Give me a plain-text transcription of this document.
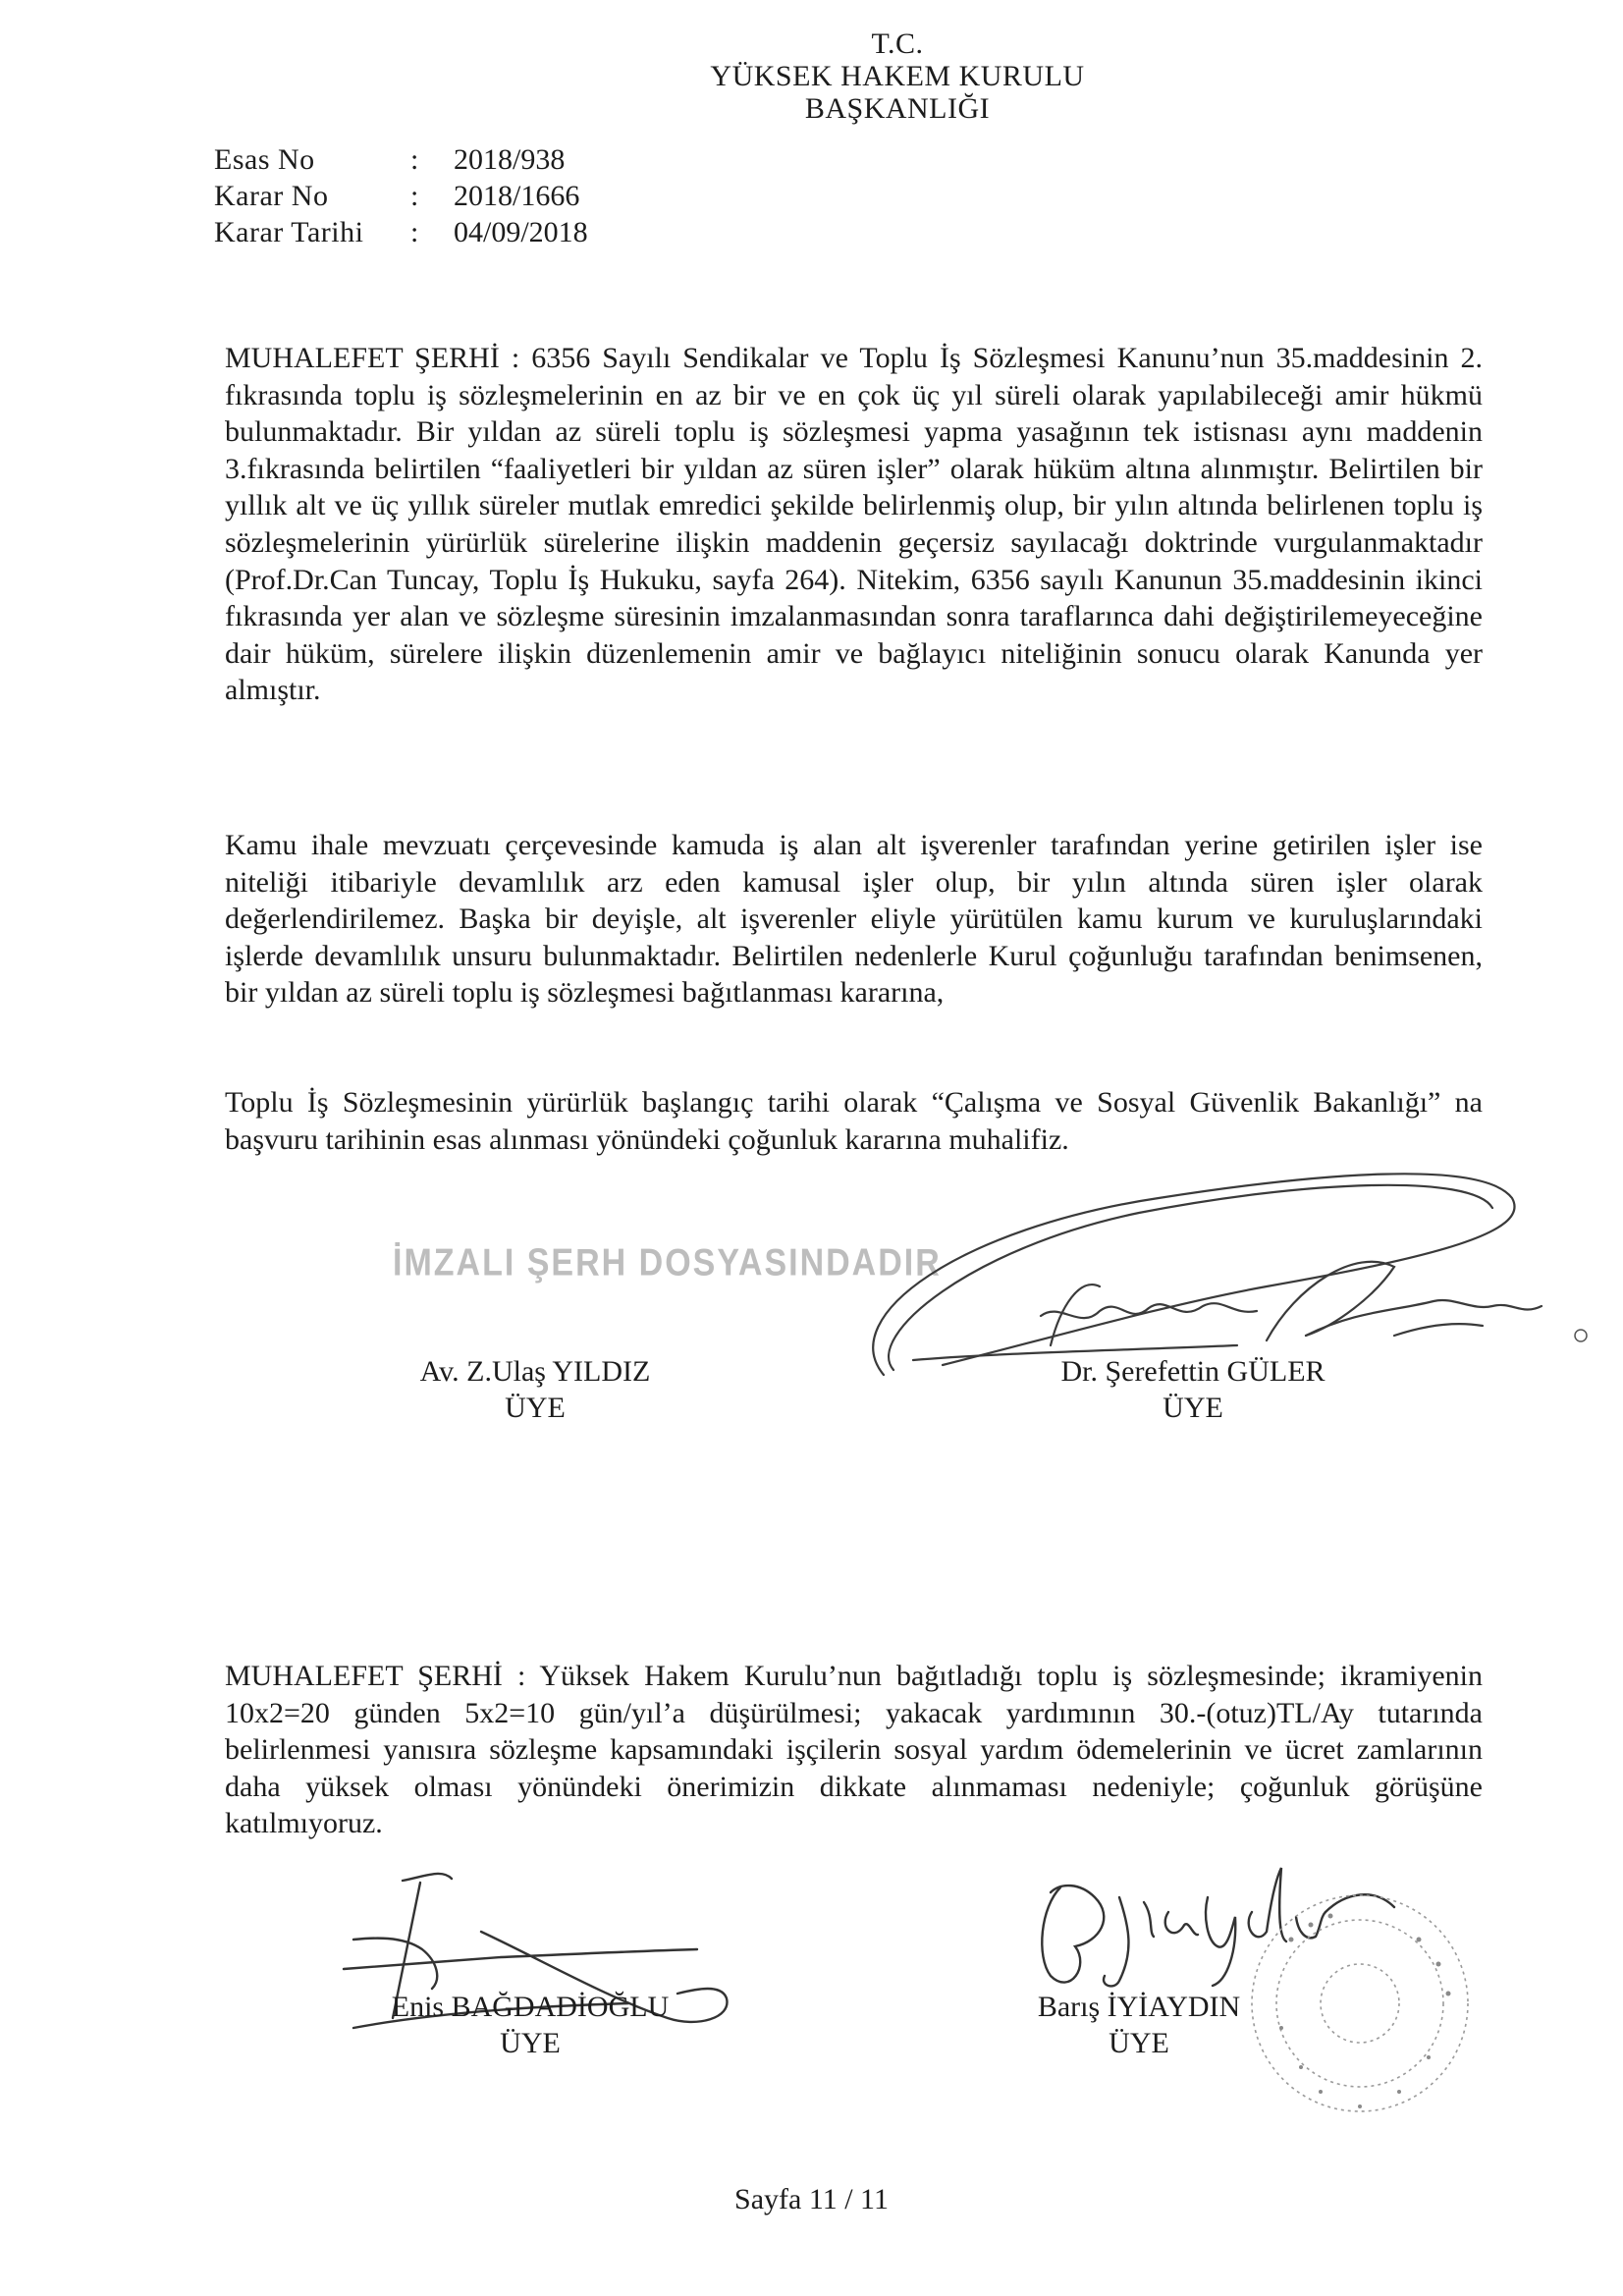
T.C.
YÜKSEK HAKEM KURULU
BAŞKANLIĞI
Esas No	:	2018/938
Karar No	:	2018/1666
Karar Tarihi	:	04/09/2018

MUHALEFET ŞERHİ : 6356 Sayılı Sendikalar ve Toplu İş Sözleşmesi Kanunu’nun 35.maddesinin 2. fıkrasında toplu iş sözleşmelerinin en az bir ve en çok üç yıl süreli olarak yapılabileceği amir hükmü bulunmaktadır. Bir yıldan az süreli toplu iş sözleşmesi yapma yasağının tek istisnası aynı maddenin 3.fıkrasında belirtilen “faaliyetleri bir yıldan az süren işler” olarak hüküm altına alınmıştır. Belirtilen bir yıllık alt ve üç yıllık süreler mutlak emredici şekilde belirlenmiş olup, bir yılın altında belirlenen toplu iş sözleşmelerinin yürürlük sürelerine ilişkin maddenin geçersiz sayılacağı doktrinde vurgulanmaktadır (Prof.Dr.Can Tuncay, Toplu İş Hukuku, sayfa 264). Nitekim, 6356 sayılı Kanunun 35.maddesinin ikinci fıkrasında yer alan ve sözleşme süresinin imzalanmasından sonra taraflarınca dahi değiştirilemeyeceğine dair hüküm, sürelere ilişkin düzenlemenin amir ve bağlayıcı niteliğinin sonucu olarak Kanunda yer almıştır.

Kamu ihale mevzuatı çerçevesinde kamuda iş alan alt işverenler tarafından yerine getirilen işler ise niteliği itibariyle devamlılık arz eden kamusal işler olup, bir yılın altında süren işler olarak değerlendirilemez. Başka bir deyişle, alt işverenler eliyle yürütülen kamu kurum ve kuruluşlarındaki işlerde devamlılık unsuru bulunmaktadır. Belirtilen nedenlerle Kurul çoğunluğu tarafından benimsenen, bir yıldan az süreli toplu iş sözleşmesi bağıtlanması kararına,

Toplu İş Sözleşmesinin yürürlük başlangıç tarihi olarak “Çalışma ve Sosyal Güvenlik Bakanlığı” na başvuru tarihinin esas alınması yönündeki çoğunluk kararına muhalifiz.

İMZALI ŞERH DOSYASINDADIR
Av. Z.Ulaş YILDIZ
ÜYE
Dr. Şerefettin GÜLER
ÜYE

MUHALEFET ŞERHİ : Yüksek Hakem Kurulu’nun bağıtladığı toplu iş sözleşmesinde; ikramiyenin 10x2=20 günden 5x2=10 gün/yıl’a düşürülmesi; yakacak yardımının 30.-(otuz)TL/Ay tutarında belirlenmesi yanısıra sözleşme kapsamındaki işçilerin sosyal yardım ödemelerinin ve ücret zamlarının daha yüksek olması yönündeki önerimizin dikkate alınmaması nedeniyle; çoğunluk görüşüne katılmıyoruz.

Enis BAĞDADİOĞLU
ÜYE
Barış İYİAYDIN
ÜYE
Sayfa 11 / 11
